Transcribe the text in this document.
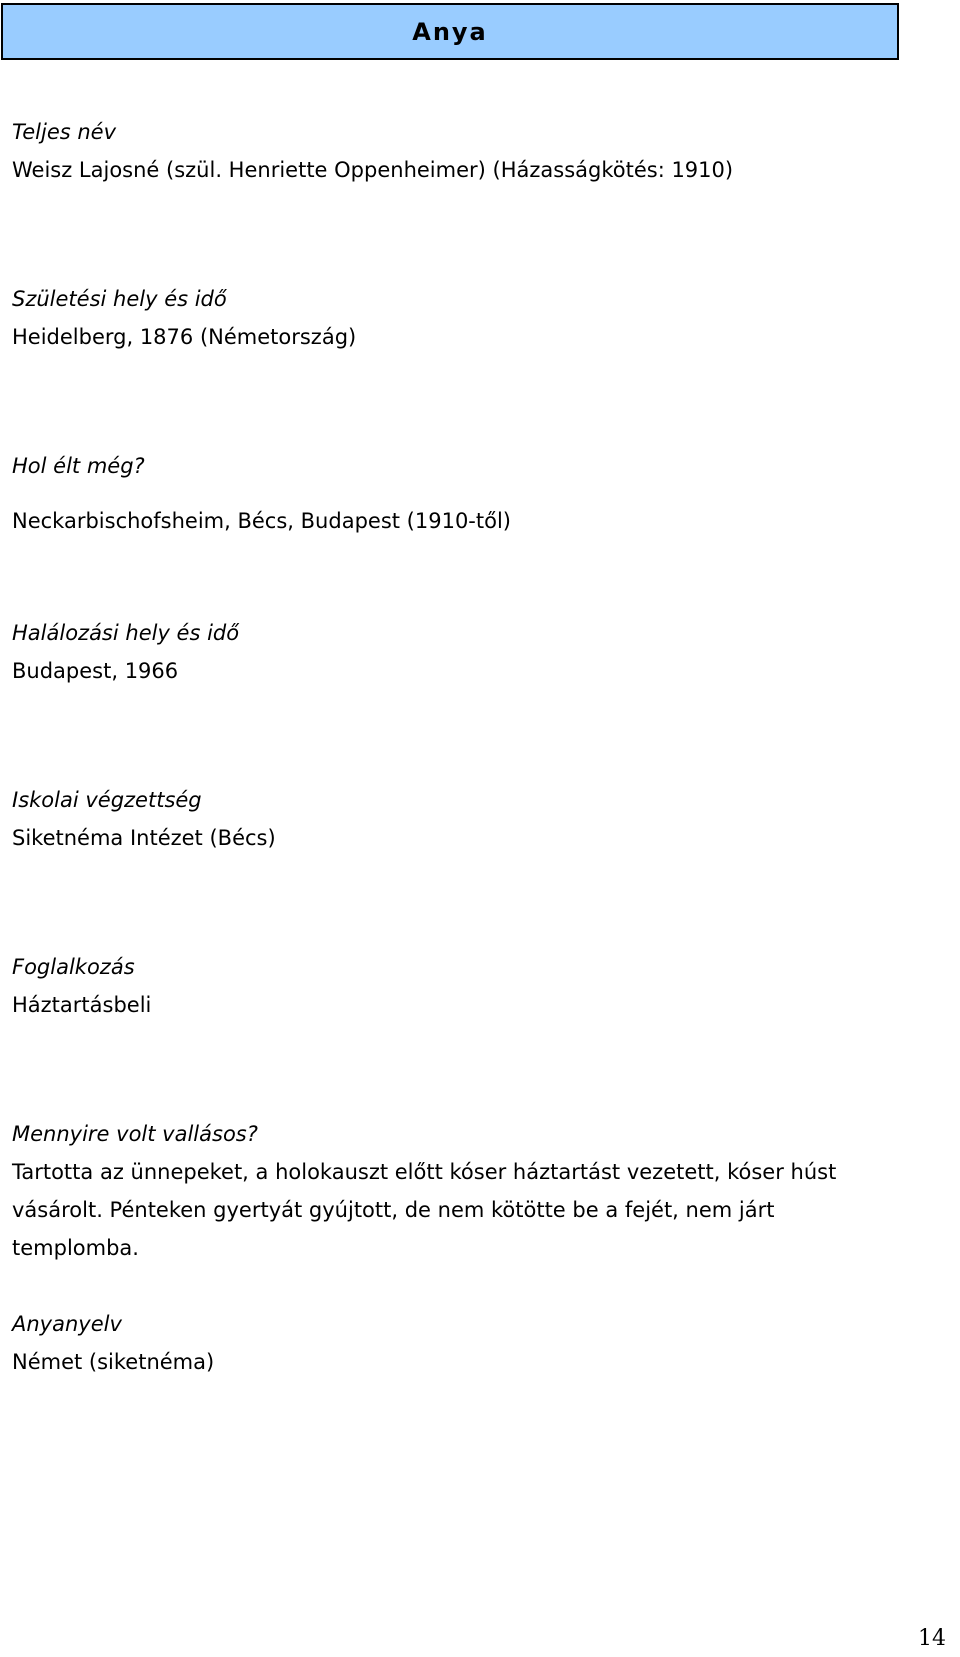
Anya
Teljes név
Weisz Lajosné (szül. Henriette Oppenheimer) (Házasságkötés: 1910)
Születési hely és idő
Heidelberg, 1876 (Németország)
Hol élt még?
Neckarbischofsheim, Bécs, Budapest (1910-től)
Halálozási hely és idő
Budapest, 1966
Iskolai végzettség
Siketnéma Intézet (Bécs)
Foglalkozás
Háztartásbeli
Mennyire volt vallásos?
Tartotta az ünnepeket, a holokauszt előtt kóser háztartást vezetett, kóser húst vásárolt. Pénteken gyertyát gyújtott, de nem kötötte be a fejét, nem járt templomba.
Anyanyelv
Német (siketnéma)
14
